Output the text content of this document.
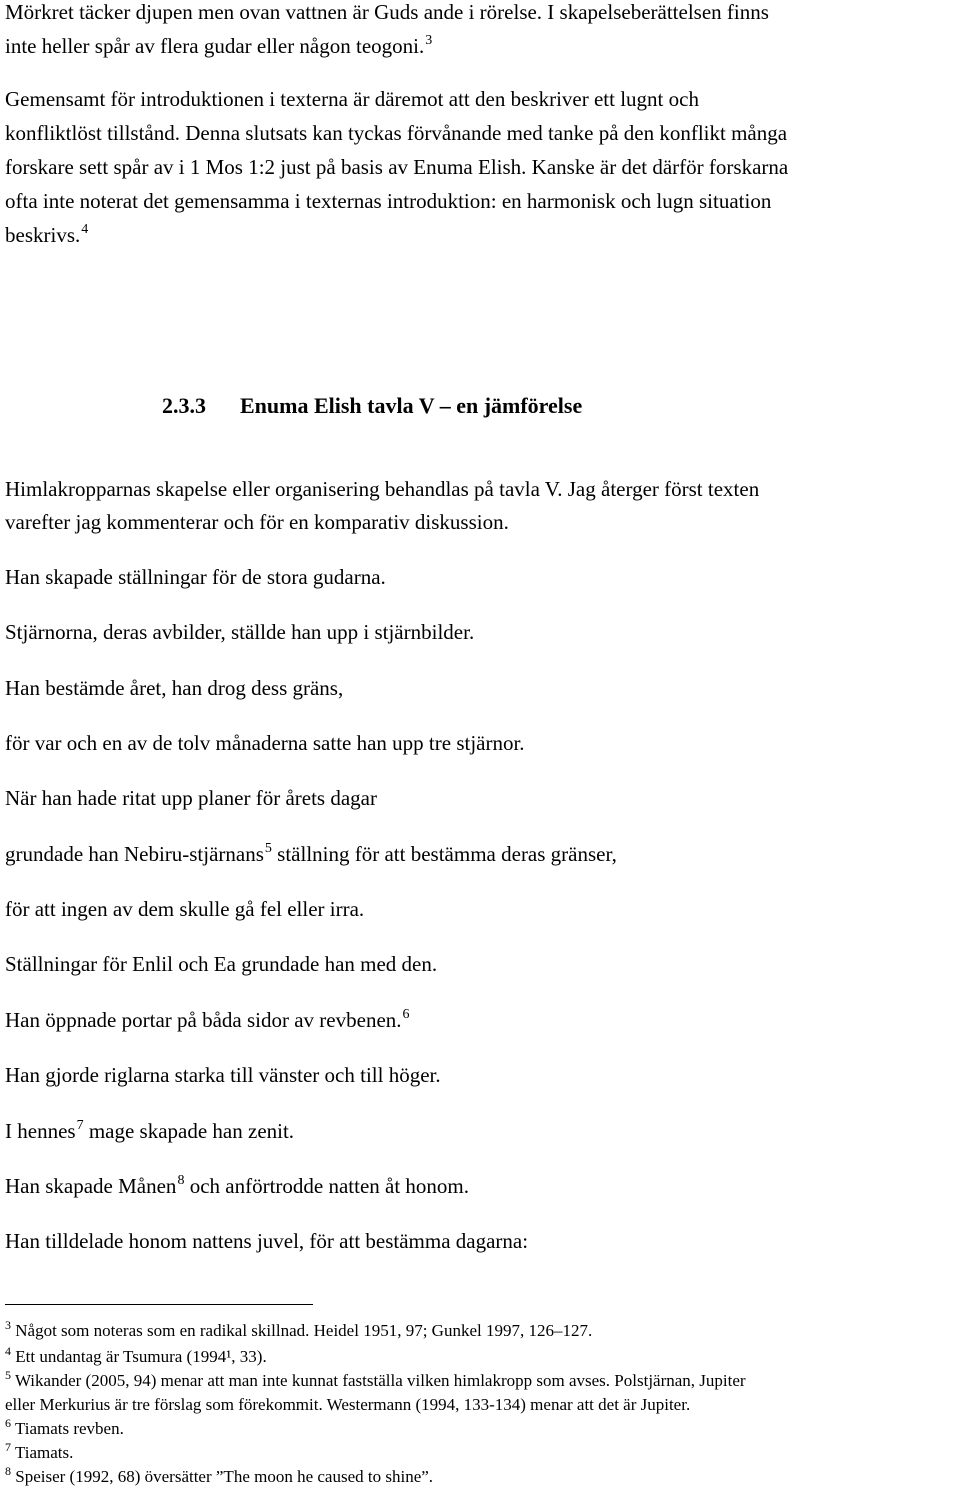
Mörkret täcker djupen men ovan vattnen är Guds ande i rörelse. I skapelseberättelsen finns
inte heller spår av flera gudar eller någon teogoni.$^3$
Gemensamt för introduktionen i texterna är däremot att den beskriver ett lugnt och
konfliktlöst tillstånd. Denna slutsats kan tyckas förvånande med tanke på den konflikt många
forskare sett spår av i 1 Mos 1:2 just på basis av Enuma Elish. Kanske är det därför forskarna
ofta inte noterat det gemensamma i texternas introduktion: en harmonisk och lugn situation
beskrivs.$^4$
2.3.3 Enuma Elish tavla V – en jämförelse
Himlakropparnas skapelse eller organisering behandlas på tavla V. Jag återger först texten
varefter jag kommenterar och för en komparativ diskussion.
Han skapade ställningar för de stora gudarna.
Stjärnorna, deras avbilder, ställde han upp i stjärnbilder.
Han bestämde året, han drog dess gräns,
för var och en av de tolv månaderna satte han upp tre stjärnor.
När han hade ritat upp planer för årets dagar
grundade han Nebiru-stjärnans$^5$ ställning för att bestämma deras gränser,
för att ingen av dem skulle gå fel eller irra.
Ställningar för Enlil och Ea grundade han med den.
Han öppnade portar på båda sidor av revbenen.$^6$
Han gjorde riglarna starka till vänster och till höger.
I hennes$^7$ mage skapade han zenit.
Han skapade Månen$^8$ och anförtrodde natten åt honom.
Han tilldelade honom nattens juvel, för att bestämma dagarna:
$^3$ Något som noteras som en radikal skillnad. Heidel 1951, 97; Gunkel 1997, 126–127.
$^4$ Ett undantag är Tsumura (1994¹, 33).
$^5$ Wikander (2005, 94) menar att man inte kunnat fastställa vilken himlakropp som avses. Polstjärnan, Jupiter
eller Merkurius är tre förslag som förekommit. Westermann (1994, 133-134) menar att det är Jupiter.
$^6$ Tiamats revben.
$^7$ Tiamats.
$^8$ Speiser (1992, 68) översätter ”The moon he caused to shine”.
